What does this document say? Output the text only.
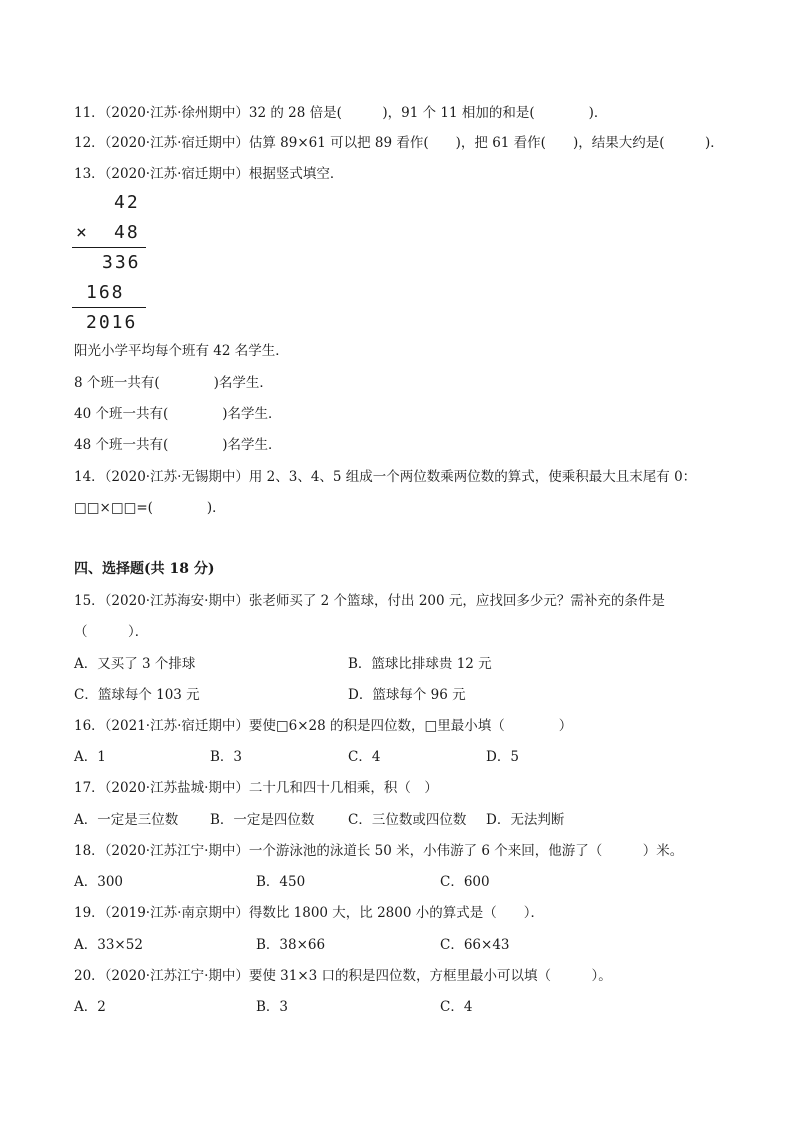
11．（2020·江苏·徐州期中）32 的 28 倍是(　　　)，91 个 11 相加的和是(　　　　)．
12．（2020·江苏·宿迁期中）估算 89×61 可以把 89 看作(　　)，把 61 看作(　　)，结果大约是(　　　)．
13．（2020·江苏·宿迁期中）根据竖式填空．
42
× 48
336
168
2016
阳光小学平均每个班有 42 名学生．
8 个班一共有(　　　　)名学生．
40 个班一共有(　　　　)名学生．
48 个班一共有(　　　　)名学生．
14．（2020·江苏·无锡期中）用 2、3、4、5 组成一个两位数乘两位数的算式，使乘积最大且末尾有 0：
□□×□□=(　　　　)．
四、选择题(共 18 分)
15．（2020·江苏海安·期中）张老师买了 2 个篮球，付出 200 元，应找回多少元？需补充的条件是
（　　　）．
A．又买了 3 个排球	B．篮球比排球贵 12 元
C．篮球每个 103 元	D．篮球每个 96 元
16．（2021·江苏·宿迁期中）要使□6×28 的积是四位数，□里最小填（　　　　）
A．1	B．3	C．4	D．5
17．（2020·江苏盐城·期中）二十几和四十几相乘，积（　）
A．一定是三位数 B．一定是四位数 C．三位数或四位数 D．无法判断
18．（2020·江苏江宁·期中）一个游泳池的泳道长 50 米，小伟游了 6 个来回，他游了（　　　）米。
A．300	B．450	C．600
19．（2019·江苏·南京期中）得数比 1800 大，比 2800 小的算式是（　　）．
A．33×52	B．38×66	C．66×43
20．（2020·江苏江宁·期中）要使 31×3 口的积是四位数，方框里最小可以填（　　　）。
A．2	B．3	C．4
